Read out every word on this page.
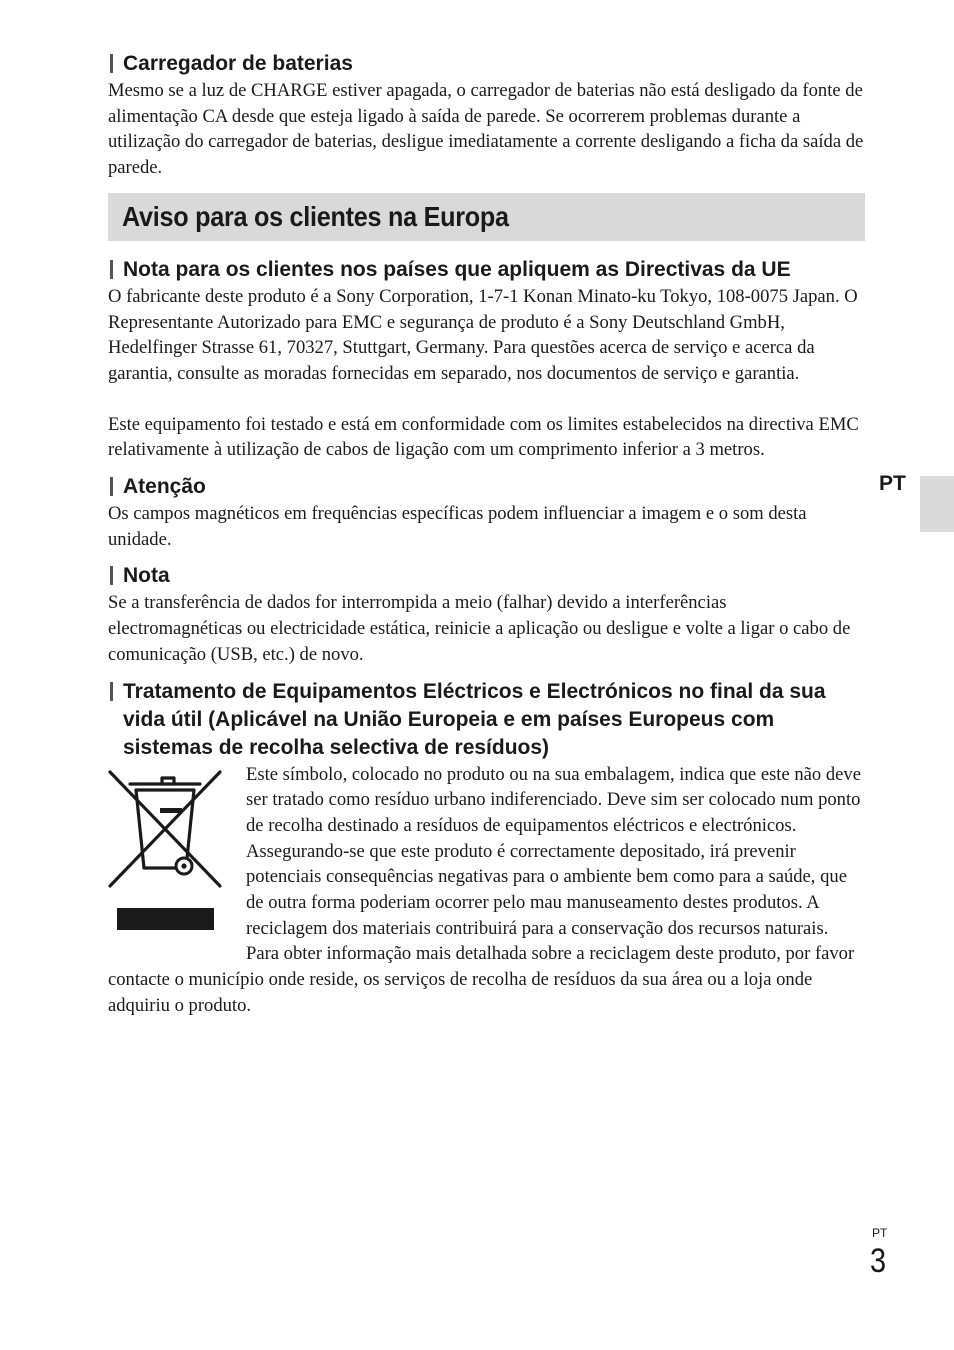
Carregador de baterias

Mesmo se a luz de CHARGE estiver apagada, o carregador de baterias não está desligado da fonte de alimentação CA desde que esteja ligado à saída de parede. Se ocorrerem problemas durante a utilização do carregador de baterias, desligue imediatamente a corrente desligando a ficha da saída de parede.

Aviso para os clientes na Europa
Nota para os clientes nos países que apliquem as Directivas da UE

O fabricante deste produto é a Sony Corporation, 1-7-1 Konan Minato-ku Tokyo, 108-0075 Japan. O Representante Autorizado para EMC e segurança de produto é a Sony Deutschland GmbH, Hedelfinger Strasse 61, 70327, Stuttgart, Germany. Para questões acerca de serviço e acerca da garantia, consulte as moradas fornecidas em separado, nos documentos de serviço e garantia.

Este equipamento foi testado e está em conformidade com os limites estabelecidos na directiva EMC relativamente à utilização de cabos de ligação com um comprimento inferior a 3 metros.

Atenção

Os campos magnéticos em frequências específicas podem influenciar a imagem e o som desta unidade.

Nota

Se a transferência de dados for interrompida a meio (falhar) devido a interferências electromagnéticas ou electricidade estática, reinicie a aplicação ou desligue e volte a ligar o cabo de comunicação (USB, etc.) de novo.

Tratamento de Equipamentos Eléctricos e Electrónicos no final da sua vida útil (Aplicável na União Europeia e em países Europeus com sistemas de recolha selectiva de resíduos)

Este símbolo, colocado no produto ou na sua embalagem, indica que este não deve ser tratado como resíduo urbano indiferenciado. Deve sim ser colocado num ponto de recolha destinado a resíduos de equipamentos eléctricos e electrónicos. Assegurando-se que este produto é correctamente depositado, irá prevenir potenciais consequências negativas para o ambiente bem como para a saúde, que de outra forma poderiam ocorrer pelo mau manuseamento destes produtos. A reciclagem dos materiais contribuirá para a conservação dos recursos naturais. Para obter informação mais detalhada sobre a reciclagem deste produto, por favor contacte o município onde reside, os serviços de recolha de resíduos da sua área ou a loja onde adquiriu o produto.

PT
PT
3
